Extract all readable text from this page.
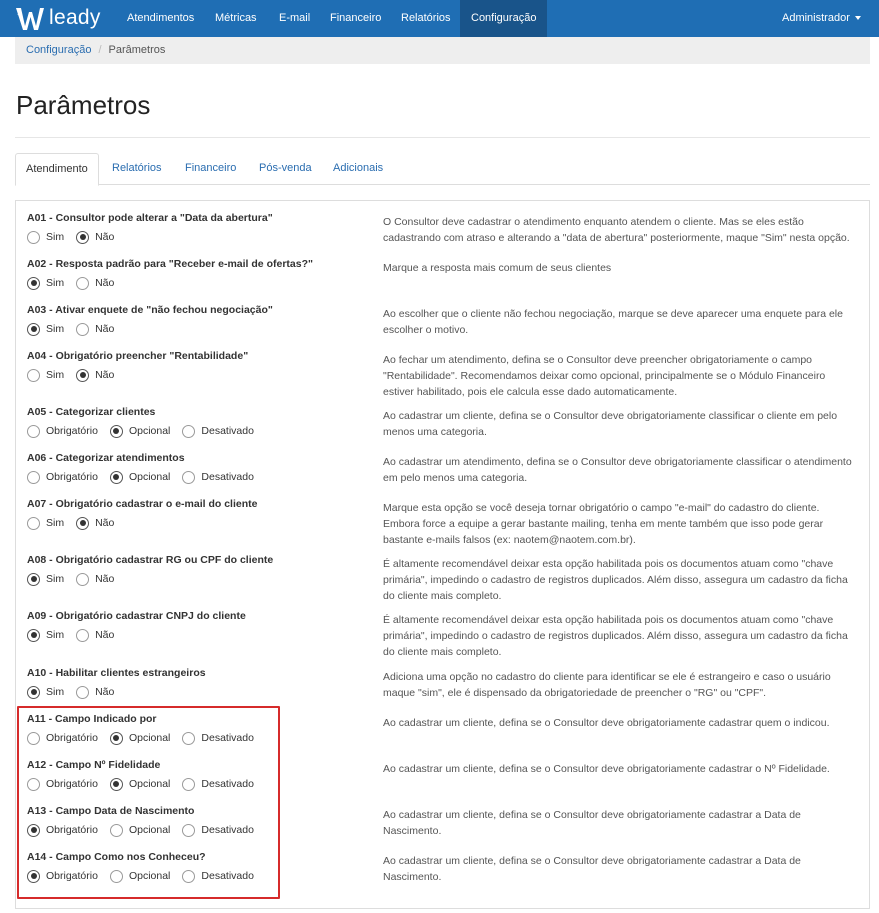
leady Atendimentos Métricas E-mail Financeiro Relatórios	Configuração	Administrador
Configuração / Parâmetros
Parâmetros
Atendimento	Relatórios Financeiro Pós-venda Adicionais
A01 - Consultor pode alterar a "Data da abertura"
Sim	Não
O Consultor deve cadastrar o atendimento enquanto atendem o cliente. Mas se eles estão cadastrando com atraso e alterando a "data de abertura" posteriormente, maque "Sim" nesta opção.
A02 - Resposta padrão para "Receber e-mail de ofertas?"
Sim	Não
Marque a resposta mais comum de seus clientes
A03 - Ativar enquete de "não fechou negociação"
Sim	Não
Ao escolher que o cliente não fechou negociação, marque se deve aparecer uma enquete para ele escolher o motivo.
A04 - Obrigatório preencher "Rentabilidade"
Sim	Não
Ao fechar um atendimento, defina se o Consultor deve preencher obrigatoriamente o campo "Rentabilidade". Recomendamos deixar como opcional, principalmente se o Módulo Financeiro estiver habilitado, pois ele calcula esse dado automaticamente.
A05 - Categorizar clientes
Obrigatório	Opcional	Desativado
Ao cadastrar um cliente, defina se o Consultor deve obrigatoriamente classificar o cliente em pelo menos uma categoria.
A06 - Categorizar atendimentos
Obrigatório	Opcional	Desativado
Ao cadastrar um atendimento, defina se o Consultor deve obrigatoriamente classificar o atendimento em pelo menos uma categoria.
A07 - Obrigatório cadastrar o e-mail do cliente
Sim	Não
Marque esta opção se você deseja tornar obrigatório o campo "e-mail" do cadastro do cliente. Embora force a equipe a gerar bastante mailing, tenha em mente também que isso pode gerar bastante e-mails falsos (ex: naotem@naotem.com.br).
A08 - Obrigatório cadastrar RG ou CPF do cliente
Sim	Não
É altamente recomendável deixar esta opção habilitada pois os documentos atuam como "chave primária", impedindo o cadastro de registros duplicados. Além disso, assegura um cadastro da ficha do cliente mais completo.
A09 - Obrigatório cadastrar CNPJ do cliente
Sim	Não
É altamente recomendável deixar esta opção habilitada pois os documentos atuam como "chave primária", impedindo o cadastro de registros duplicados. Além disso, assegura um cadastro da ficha do cliente mais completo.
A10 - Habilitar clientes estrangeiros
Sim	Não
Adiciona uma opção no cadastro do cliente para identificar se ele é estrangeiro e caso o usuário maque "sim", ele é dispensado da obrigatoriedade de preencher o "RG" ou "CPF".
A11 - Campo Indicado por
Obrigatório	Opcional	Desativado
Ao cadastrar um cliente, defina se o Consultor deve obrigatoriamente cadastrar quem o indicou.
A12 - Campo Nº Fidelidade
Obrigatório	Opcional	Desativado
Ao cadastrar um cliente, defina se o Consultor deve obrigatoriamente cadastrar o Nº Fidelidade.
A13 - Campo Data de Nascimento
Obrigatório	Opcional	Desativado
Ao cadastrar um cliente, defina se o Consultor deve obrigatoriamente cadastrar a Data de Nascimento.
A14 - Campo Como nos Conheceu?
Obrigatório	Opcional	Desativado
Ao cadastrar um cliente, defina se o Consultor deve obrigatoriamente cadastrar a Data de Nascimento.
